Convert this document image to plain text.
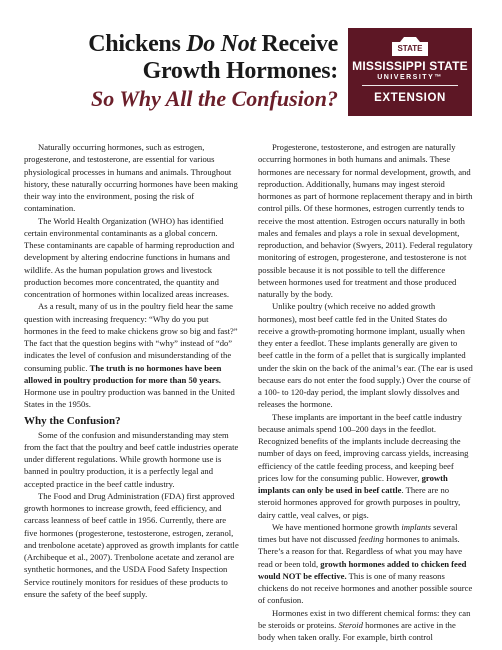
Chickens Do Not Receive
Growth Hormones:
So Why All the Confusion?
STATE
MISSISSIPPI STATE
UNIVERSITY™
EXTENSION

Naturally occurring hormones, such as estrogen, progesterone, and testosterone, are essential for various physiological processes in humans and animals. Throughout history, these naturally occurring hormones have been making their way into the environment, posing the risk of contamination.

The World Health Organization (WHO) has identified certain environmental contaminants as a global concern. These contaminants are capable of harming reproduction and development by altering endocrine functions in humans and wildlife. As the human population grows and livestock production becomes more concentrated, the quantity and concentration of hormones within localized areas increases.

As a result, many of us in the poultry field hear the same question with increasing frequency: “Why do you put hormones in the feed to make chickens grow so big and fast?” The fact that the question begins with “why” instead of “do” indicates the level of confusion and misunderstanding of the consuming public. The truth is no hormones have been allowed in poultry production for more than 50 years. Hormone use in poultry production was banned in the United States in the 1950s.

Why the Confusion?

Some of the confusion and misunderstanding may stem from the fact that the poultry and beef cattle industries operate under different regulations. While growth hormone use is banned in poultry production, it is a perfectly legal and accepted practice in the beef cattle industry.

The Food and Drug Administration (FDA) first approved growth hormones to increase growth, feed efficiency, and carcass leanness of beef cattle in 1956. Currently, there are five hormones (progesterone, testosterone, estrogen, zeranol, and trenbolone acetate) approved as growth implants for cattle (Archibeque et al., 2007). Trenbolone acetate and zeranol are synthetic hormones, and the USDA Food Safety Inspection Service routinely monitors for residues of these products to ensure the safety of the beef supply.

Progesterone, testosterone, and estrogen are naturally occurring hormones in both humans and animals. These hormones are necessary for normal development, growth, and reproduction. Additionally, humans may ingest steroid hormones as part of hormone replacement therapy and in birth control pills. Of these hormones, estrogen currently tends to receive the most attention. Estrogen occurs naturally in both males and females and plays a role in sexual development, reproduction, and behavior (Swyers, 2011). Federal regulatory monitoring of estrogen, progesterone, and testosterone is not possible because it is not possible to tell the difference between hormones used for treatment and those produced naturally by the body.

Unlike poultry (which receive no added growth hormones), most beef cattle fed in the United States do receive a growth-promoting hormone implant, usually when they enter a feedlot. These implants generally are given to beef cattle in the form of a pellet that is surgically implanted under the skin on the back of the animal’s ear. (The ear is used because ears do not enter the food supply.) Over the course of a 100- to 120-day period, the implant slowly dissolves and releases the hormone.

These implants are important in the beef cattle industry because animals spend 100–200 days in the feedlot. Recognized benefits of the implants include decreasing the number of days on feed, improving carcass yields, increasing efficiency of the cattle feeding process, and keeping beef prices low for the consuming public. However, growth implants can only be used in beef cattle. There are no steroid hormones approved for growth purposes in poultry, dairy cattle, veal calves, or pigs.

We have mentioned hormone growth implants several times but have not discussed feeding hormones to animals. There’s a reason for that. Regardless of what you may have read or been told, growth hormones added to chicken feed would NOT be effective. This is one of many reasons chickens do not receive hormones and another possible source of confusion.

Hormones exist in two different chemical forms: they can be steroids or proteins. Steroid hormones are active in the body when taken orally. For example, birth control
